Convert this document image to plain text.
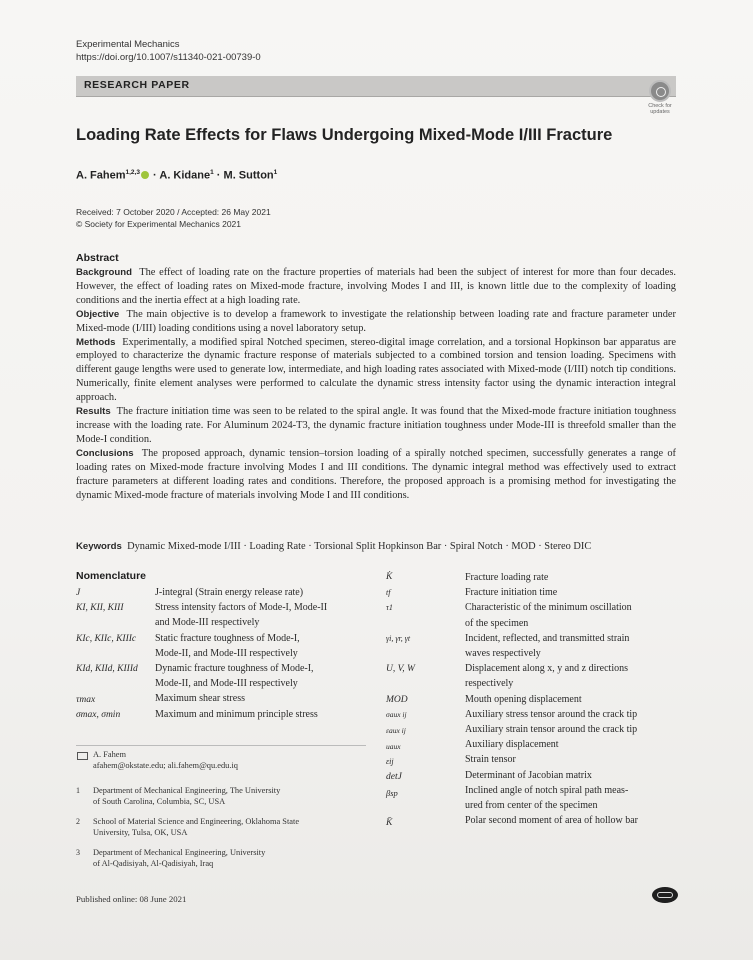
Experimental Mechanics
https://doi.org/10.1007/s11340-021-00739-0
RESEARCH PAPER
Check for updates
Loading Rate Effects for Flaws Undergoing Mixed-Mode I/III Fracture
A. Fahem$^{1,2,3}$ · A. Kidane$^1$ · M. Sutton$^1$
Received: 7 October 2020 / Accepted: 26 May 2021
© Society for Experimental Mechanics 2021
Abstract

Background The effect of loading rate on the fracture properties of materials had been the subject of interest for more than four decades. However, the effect of loading rates on Mixed-mode fracture, involving Modes I and III, is known little due to the complexity of loading conditions and the inertia effect at a high loading rate.

Objective The main objective is to develop a framework to investigate the relationship between loading rate and fracture parameter under Mixed-mode (I/III) loading conditions using a novel laboratory setup.

Methods Experimentally, a modified spiral Notched specimen, stereo-digital image correlation, and a torsional Hopkinson bar apparatus are employed to characterize the dynamic fracture response of materials subjected to a combined torsion and tension loading. Specimens with different gauge lengths were used to generate low, intermediate, and high loading rates associated with Mixed-mode (I/III) notch tip conditions. Numerically, finite element analyses were performed to calculate the dynamic stress intensity factor using the dynamic interaction integral approach.

Results The fracture initiation time was seen to be related to the spiral angle. It was found that the Mixed-mode fracture initiation toughness increase with the loading rate. For Aluminum 2024-T3, the dynamic fracture initiation toughness under Mode-III is threefold smaller than the Mode-I condition.

Conclusions The proposed approach, dynamic tension–torsion loading of a spirally notched specimen, successfully generates a range of loading rates on Mixed-mode fracture involving Modes I and III conditions. The dynamic integral method was effectively used to extract fracture parameters at different loading rates and conditions. Therefore, the proposed approach is a promising method for investigating the dynamic Mixed-mode fracture of materials involving Mode I and III conditions.

Keywords Dynamic Mixed-mode I/III · Loading Rate · Torsional Split Hopkinson Bar · Spiral Notch · MOD · Stereo DIC
Nomenclature
J
KI, KII, KIII
KIc, KIIc, KIIIc
KId, KIId, KIIId
τmax
σmax, σmin
J-integral (Strain energy release rate)
Stress intensity factors of Mode-I, Mode-II
and Mode-III respectively
Static fracture toughness of Mode-I,
Mode-II, and Mode-III respectively
Dynamic fracture toughness of Mode-I,
Mode-II, and Mode-III respectively
Maximum shear stress
Maximum and minimum principle stress
K̇
tf
τ1
γi, γr, γt
U, V, W
MOD
σaux ij
εaux ij
uaux
εij
detJ
βsp
K̄
Fracture loading rate
Fracture initiation time
Characteristic of the minimum oscillation
of the specimen
Incident, reflected, and transmitted strain
waves respectively
Displacement along x, y and z directions
respectively
Mouth opening displacement
Auxiliary stress tensor around the crack tip
Auxiliary strain tensor around the crack tip
Auxiliary displacement
Strain tensor
Determinant of Jacobian matrix
Inclined angle of notch spiral path meas-
ured from center of the specimen
Polar second moment of area of hollow bar
A. Fahem
afahem@okstate.edu; ali.fahem@qu.edu.iq
1 Department of Mechanical Engineering, The University
of South Carolina, Columbia, SC, USA
2 School of Material Science and Engineering, Oklahoma State
University, Tulsa, OK, USA
3 Department of Mechanical Engineering, University
of Al-Qadisiyah, Al-Qadisiyah, Iraq
Published online: 08 June 2021
